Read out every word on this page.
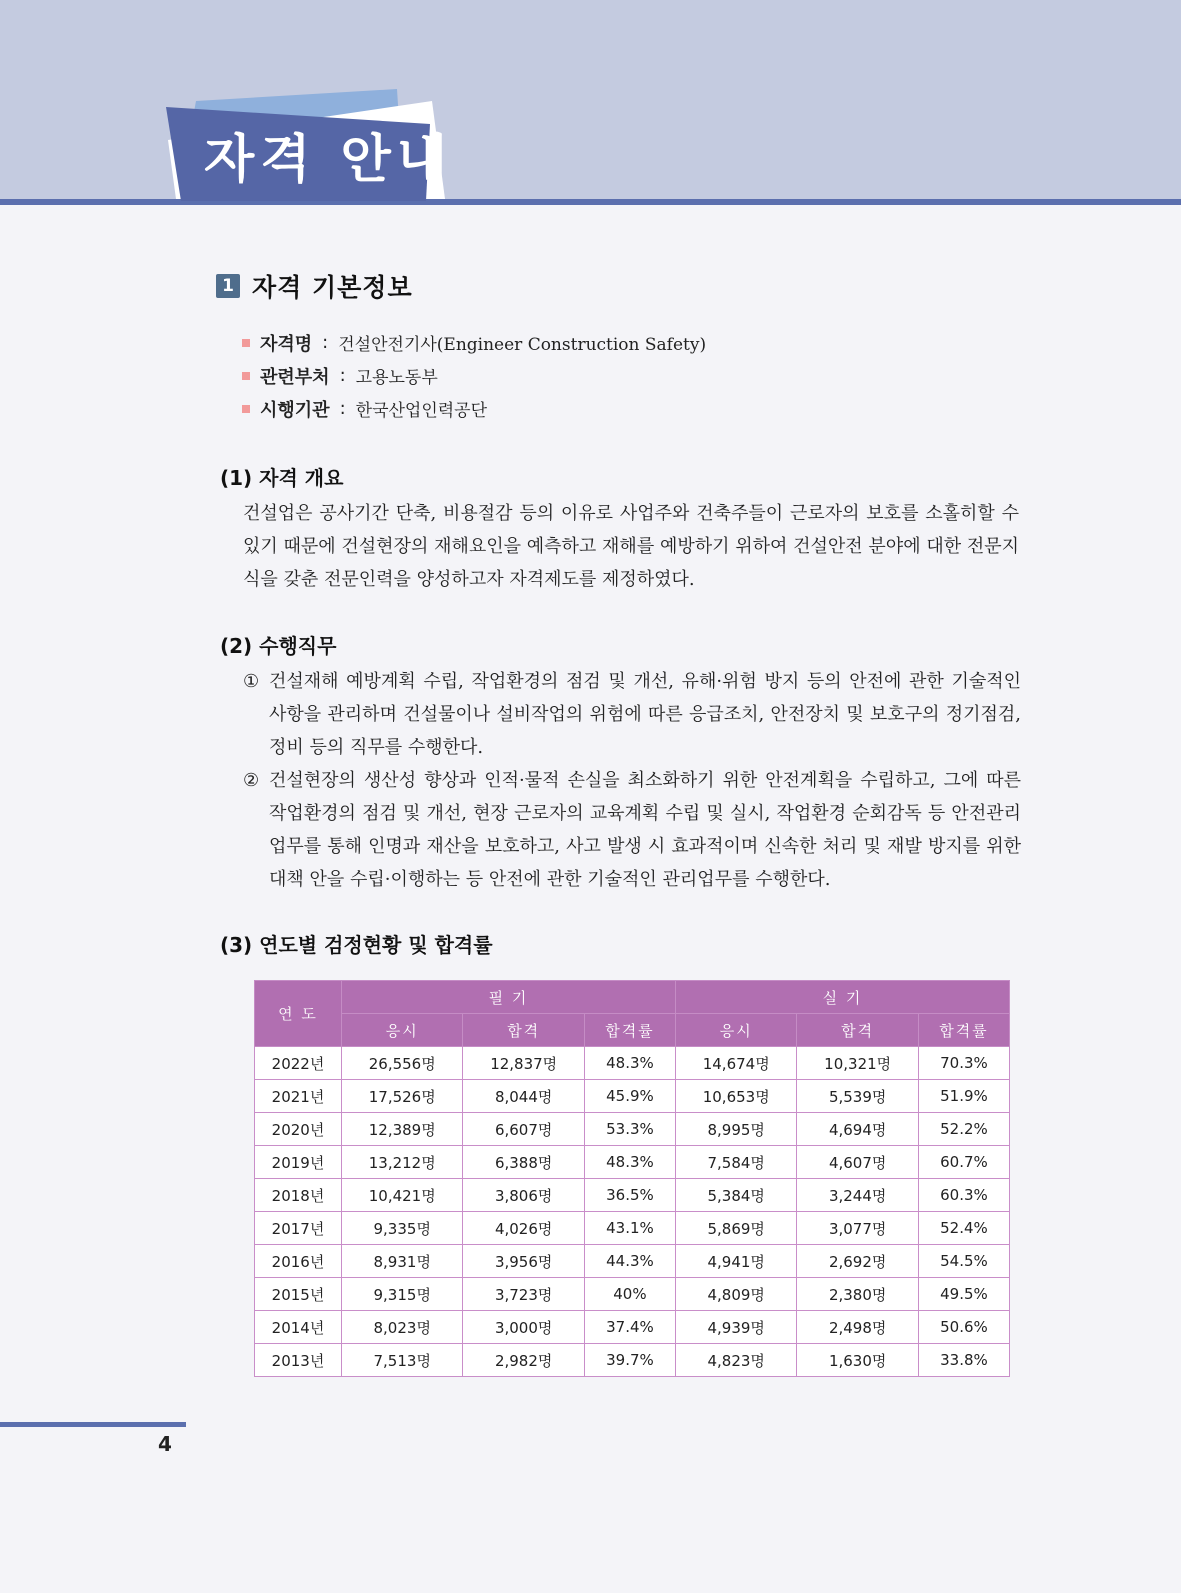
자격 안내
1 자격 기본정보
자격명 : 건설안전기사(Engineer Construction Safety)
관련부처 : 고용노동부
시행기관 : 한국산업인력공단
(1) 자격 개요
건설업은 공사기간 단축, 비용절감 등의 이유로 사업주와 건축주들이 근로자의 보호를 소홀히할 수 있기 때문에 건설현장의 재해요인을 예측하고 재해를 예방하기 위하여 건설안전 분야에 대한 전문지식을 갖춘 전문인력을 양성하고자 자격제도를 제정하였다.
(2) 수행직무
① 건설재해 예방계획 수립, 작업환경의 점검 및 개선, 유해·위험 방지 등의 안전에 관한 기술적인 사항을 관리하며 건설물이나 설비작업의 위험에 따른 응급조치, 안전장치 및 보호구의 정기점검, 정비 등의 직무를 수행한다.
② 건설현장의 생산성 향상과 인적·물적 손실을 최소화하기 위한 안전계획을 수립하고, 그에 따른 작업환경의 점검 및 개선, 현장 근로자의 교육계획 수립 및 실시, 작업환경 순회감독 등 안전관리 업무를 통해 인명과 재산을 보호하고, 사고 발생 시 효과적이며 신속한 처리 및 재발 방지를 위한 대책 안을 수립·이행하는 등 안전에 관한 기술적인 관리업무를 수행한다.
(3) 연도별 검정현황 및 합격률
연 도	필 기			실 기		
	응시	합격	합격률	응시	합격	합격률
2022년	26,556명	12,837명	48.3%	14,674명	10,321명	70.3%
2021년	17,526명	8,044명	45.9%	10,653명	5,539명	51.9%
2020년	12,389명	6,607명	53.3%	8,995명	4,694명	52.2%
2019년	13,212명	6,388명	48.3%	7,584명	4,607명	60.7%
2018년	10,421명	3,806명	36.5%	5,384명	3,244명	60.3%
2017년	9,335명	4,026명	43.1%	5,869명	3,077명	52.4%
2016년	8,931명	3,956명	44.3%	4,941명	2,692명	54.5%
2015년	9,315명	3,723명	40%	4,809명	2,380명	49.5%
2014년	8,023명	3,000명	37.4%	4,939명	2,498명	50.6%
2013년	7,513명	2,982명	39.7%	4,823명	1,630명	33.8%
4
